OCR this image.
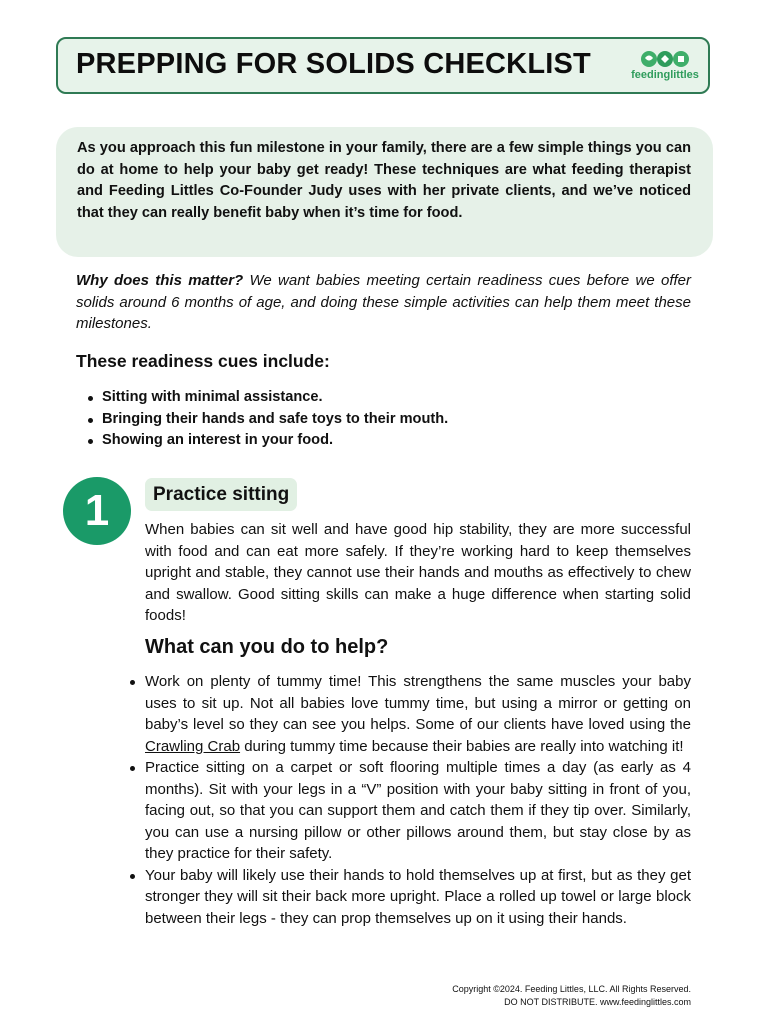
PREPPING FOR SOLIDS CHECKLIST	feedinglittles

As you approach this fun milestone in your family, there are a few simple things you can do at home to help your baby get ready! These techniques are what feeding therapist and Feeding Littles Co-Founder Judy uses with her private clients, and we’ve noticed that they can really benefit baby when it’s time for food.

Why does this matter? We want babies meeting certain readiness cues before we offer solids around 6 months of age, and doing these simple activities can help them meet these milestones.

These readiness cues include:
Sitting with minimal assistance.
Bringing their hands and safe toys to their mouth.
Showing an interest in your food.
1	Practice sitting

When babies can sit well and have good hip stability, they are more successful with food and can eat more safely. If they’re working hard to keep themselves upright and stable, they cannot use their hands and mouths as effectively to chew and swallow. Good sitting skills can make a huge difference when starting solid foods!

What can you do to help?
Work on plenty of tummy time! This strengthens the same muscles your baby uses to sit up. Not all babies love tummy time, but using a mirror or getting on baby’s level so they can see you helps. Some of our clients have loved using the Crawling Crab during tummy time because their babies are really into watching it!
Practice sitting on a carpet or soft flooring multiple times a day (as early as 4 months). Sit with your legs in a “V” position with your baby sitting in front of you, facing out, so that you can support them and catch them if they tip over. Similarly, you can use a nursing pillow or other pillows around them, but stay close by as they practice for their safety.
Your baby will likely use their hands to hold themselves up at first, but as they get stronger they will sit their back more upright. Place a rolled up towel or large block between their legs - they can prop themselves up on it using their hands.
Copyright ©2024. Feeding Littles, LLC. All Rights Reserved.
DO NOT DISTRIBUTE. www.feedinglittles.com
